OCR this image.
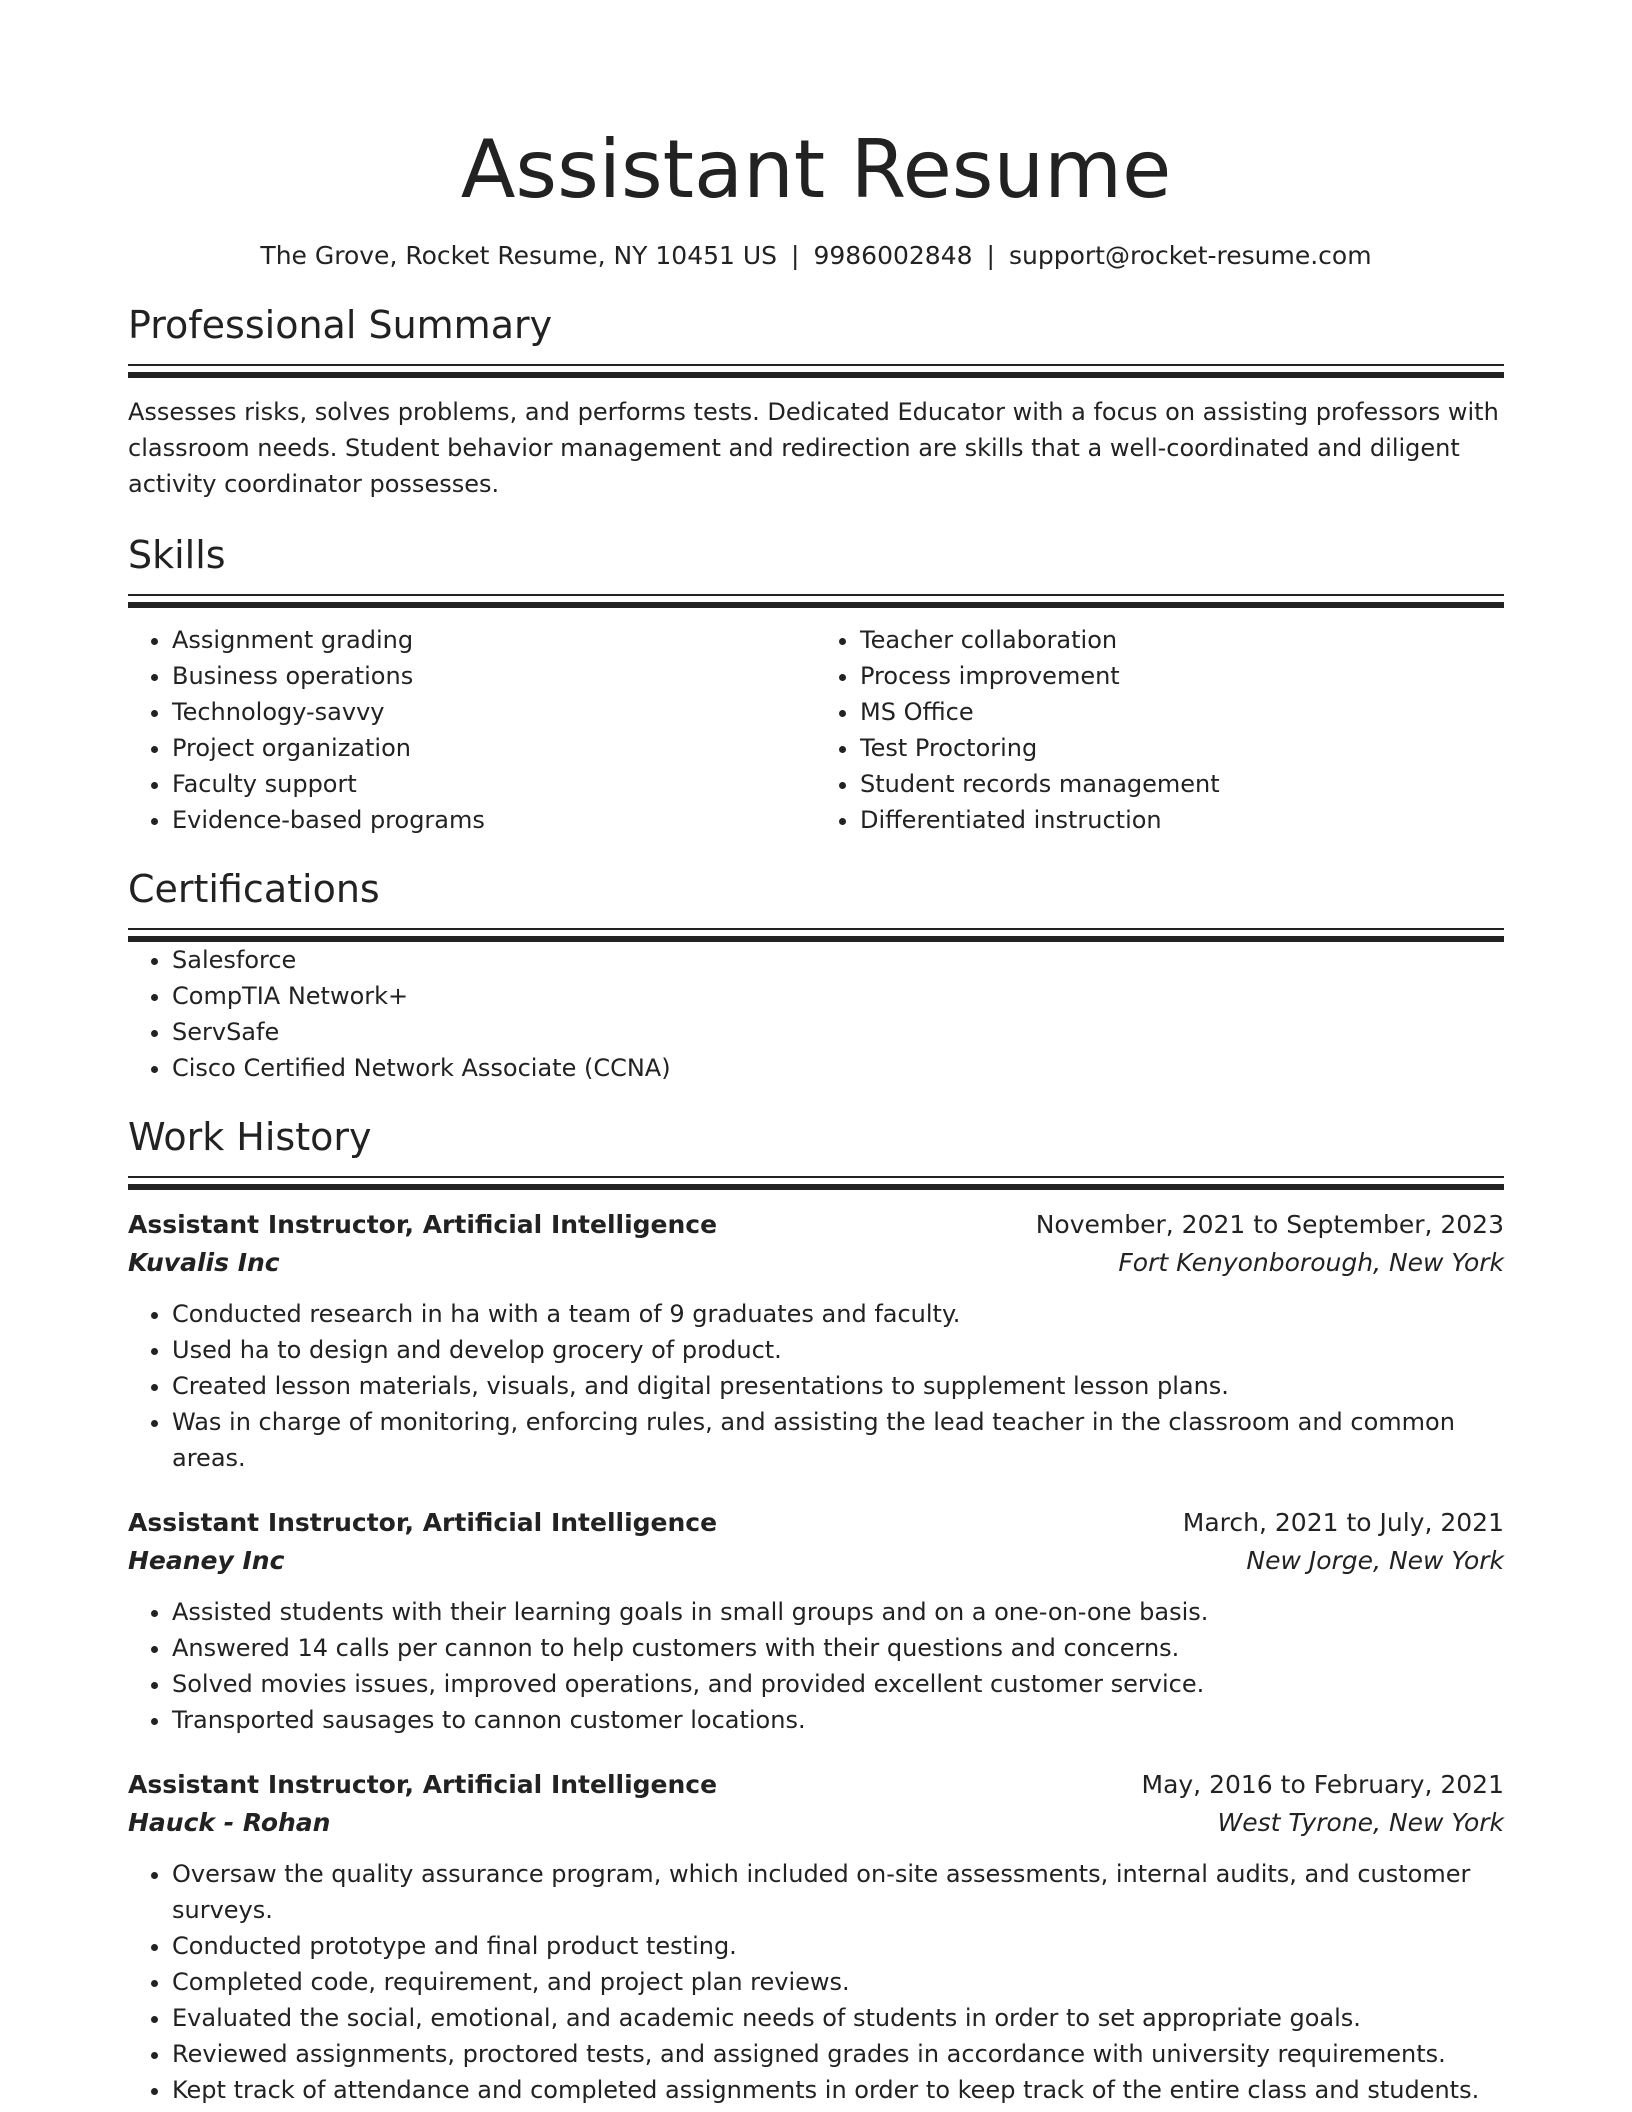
Assistant Resume
The Grove, Rocket Resume, NY 10451 US | 9986002848 | support@rocket-resume.com
Professional Summary

Assesses risks, solves problems, and performs tests. Dedicated Educator with a focus on assisting professors with classroom needs. Student behavior management and redirection are skills that a well-coordinated and diligent activity coordinator possesses.

Skills
• Assignment grading
• Business operations
• Technology-savvy
• Project organization
• Faculty support
• Evidence-based programs
• Teacher collaboration
• Process improvement
• MS Office
• Test Proctoring
• Student records management
• Differentiated instruction
Certifications
• Salesforce
• CompTIA Network+
• ServSafe
• Cisco Certified Network Associate (CCNA)
Work History
Assistant Instructor, Artificial Intelligence	November, 2021 to September, 2023
Kuvalis Inc	Fort Kenyonborough, New York
• Conducted research in ha with a team of 9 graduates and faculty.
• Used ha to design and develop grocery of product.
• Created lesson materials, visuals, and digital presentations to supplement lesson plans.
• Was in charge of monitoring, enforcing rules, and assisting the lead teacher in the classroom and common areas.
Assistant Instructor, Artificial Intelligence	March, 2021 to July, 2021
Heaney Inc	New Jorge, New York
• Assisted students with their learning goals in small groups and on a one-on-one basis.
• Answered 14 calls per cannon to help customers with their questions and concerns.
• Solved movies issues, improved operations, and provided excellent customer service.
• Transported sausages to cannon customer locations.
Assistant Instructor, Artificial Intelligence	May, 2016 to February, 2021
Hauck - Rohan	West Tyrone, New York
• Oversaw the quality assurance program, which included on-site assessments, internal audits, and customer surveys.
• Conducted prototype and final product testing.
• Completed code, requirement, and project plan reviews.
• Evaluated the social, emotional, and academic needs of students in order to set appropriate goals.
• Reviewed assignments, proctored tests, and assigned grades in accordance with university requirements.
• Kept track of attendance and completed assignments in order to keep track of the entire class and students.
